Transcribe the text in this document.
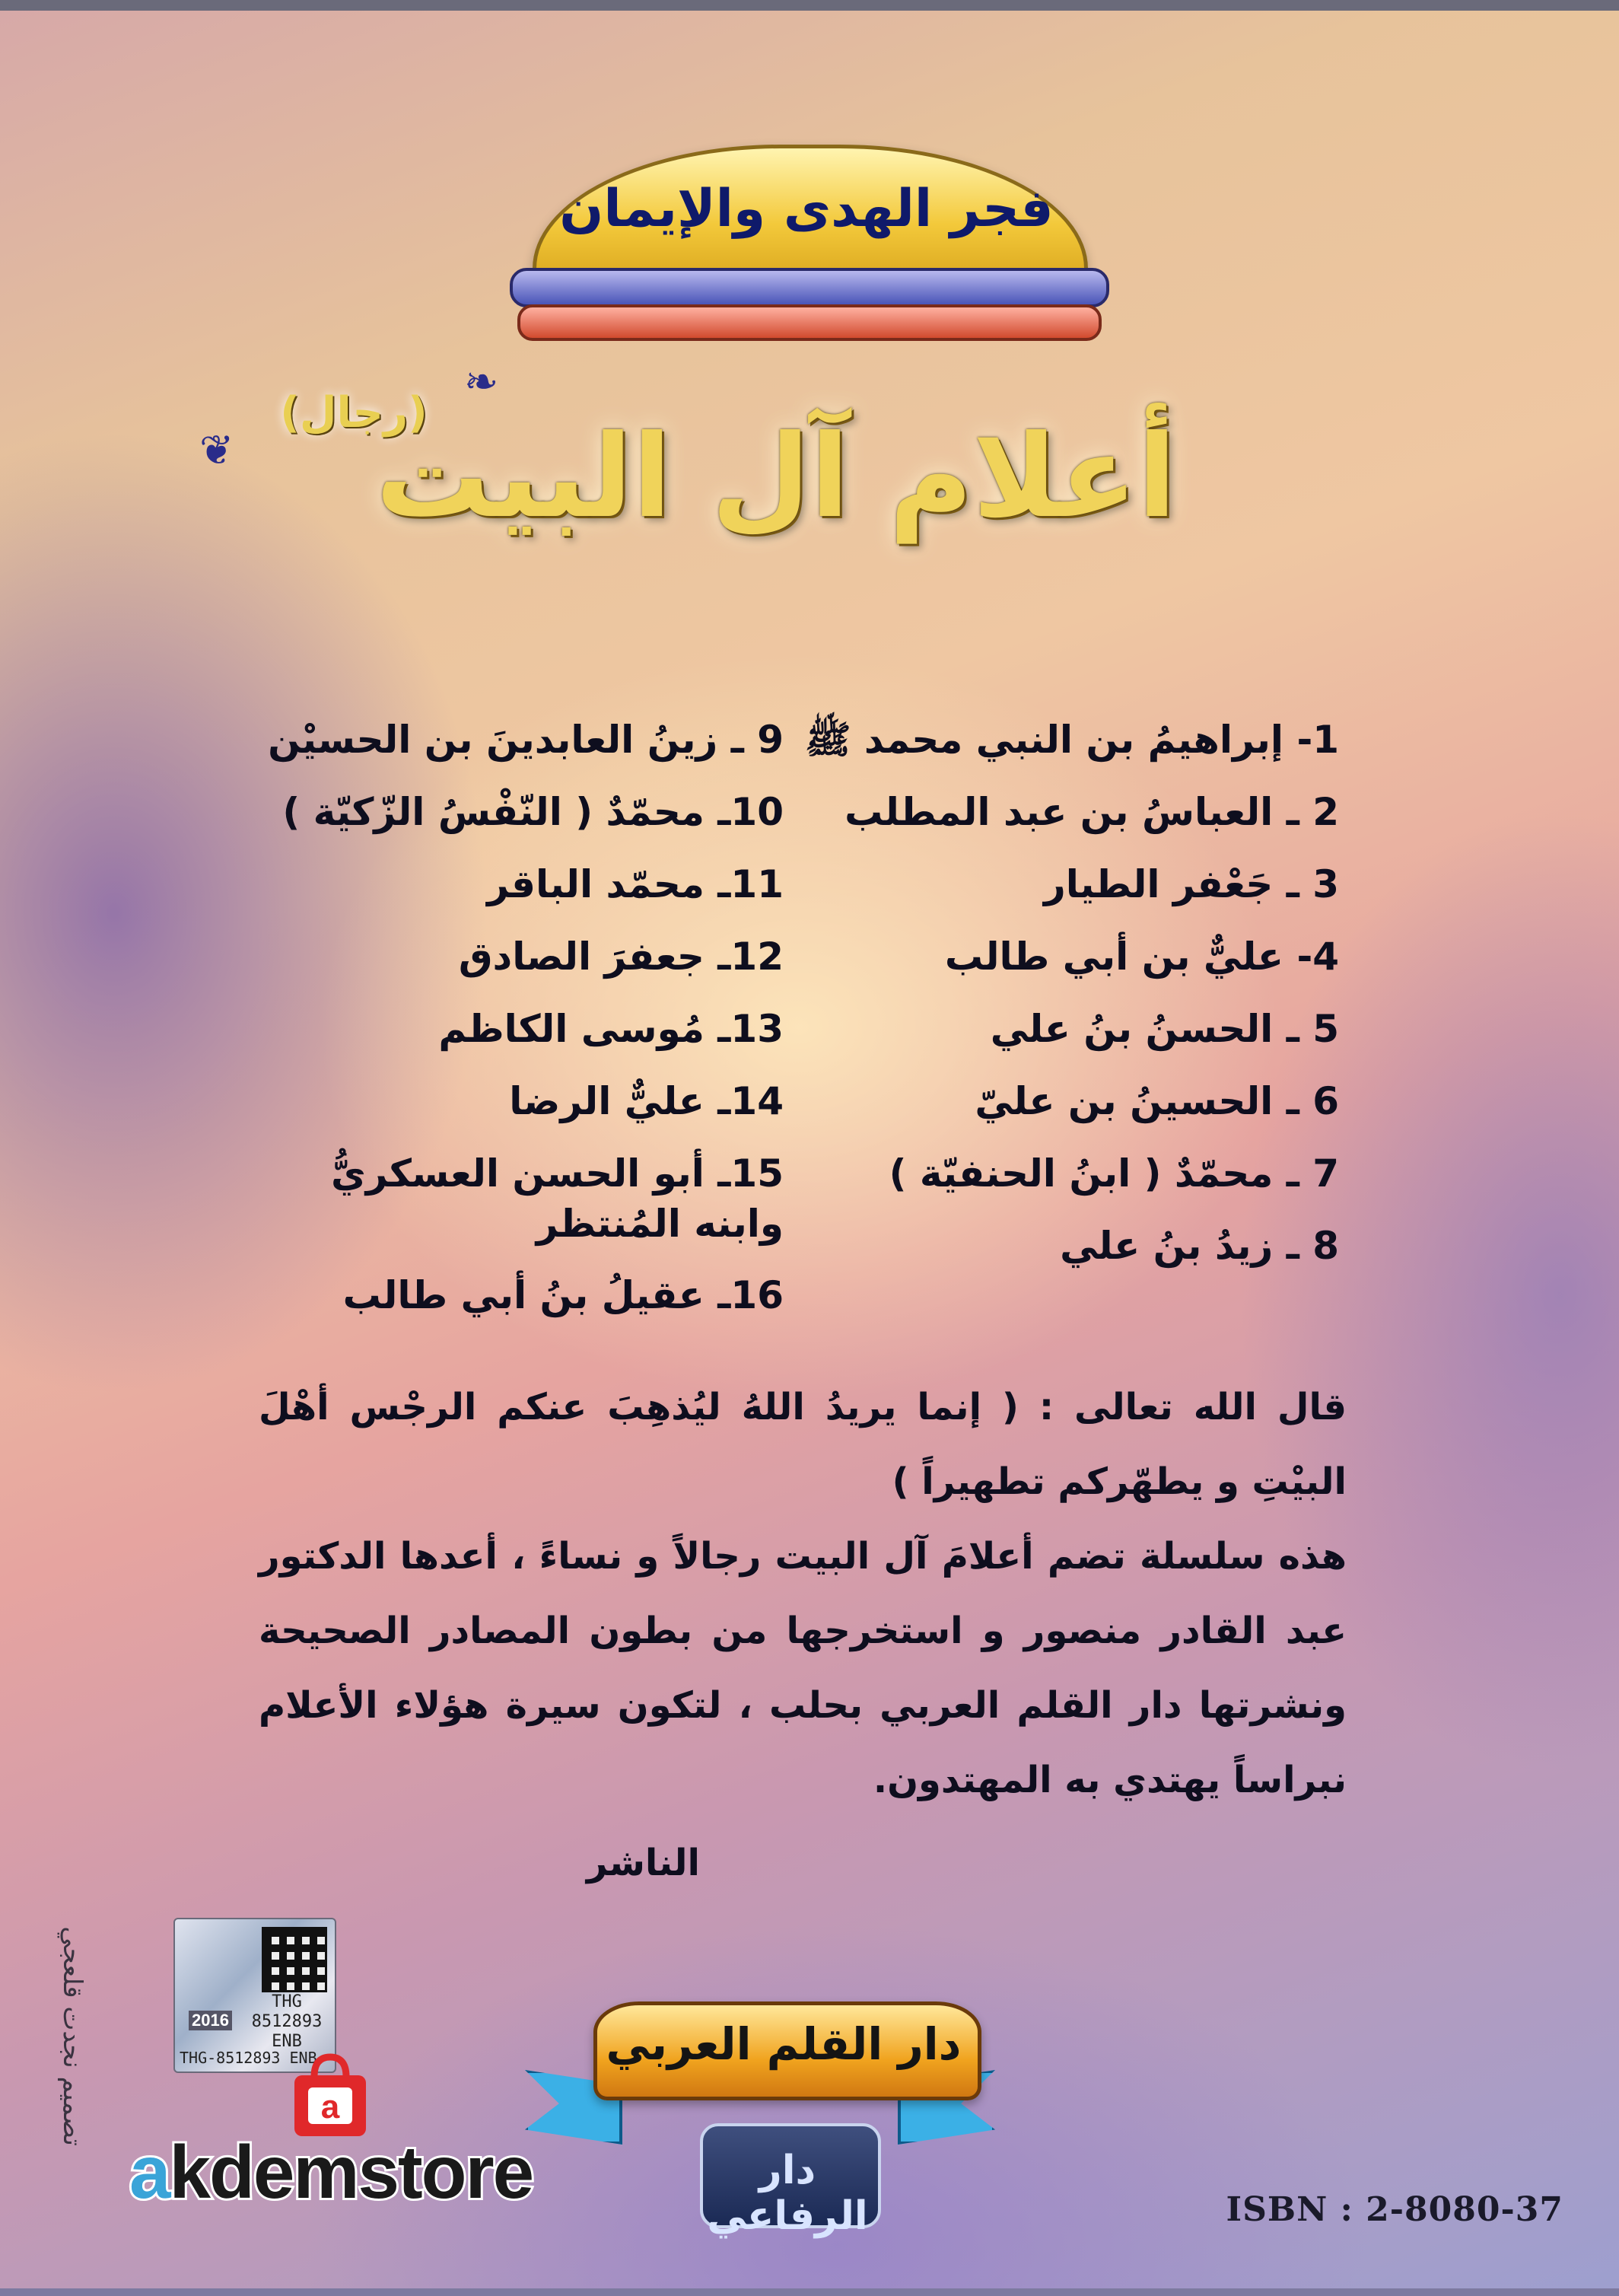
فجر الهدى والإيمان
❦
❧
(رجال)
أعلام آل البيت
1- إبراهيمُ بن النبي محمد ﷺ
2 ـ العباسُ بن عبد المطلب
3 ـ جَعْفر الطيار
4- عليٌّ بن أبي طالب
5 ـ الحسنُ بنُ علي
6 ـ الحسينُ بن عليّ
7 ـ محمّدٌ ( ابنُ الحنفيّة )
8 ـ زيدُ بنُ علي
9 ـ زينُ العابدينَ بن الحسيْن
10ـ محمّدٌ ( النّفْسُ الزّكيّة )
11ـ محمّد الباقر
12ـ جعفرَ الصادق
13ـ مُوسى الكاظم
14ـ عليٌّ الرضا
15ـ أبو الحسن العسكريُّ وابنه المُنتظر
16ـ عقيلُ بنُ أبي طالب

قال الله تعالى : ( إنما يريدُ اللهُ ليُذهِبَ عنكم الرجْس أهْلَ البيْتِ و يطهّركم تطهيراً )

هذه سلسلة تضم أعلامَ آل البيت رجالاً و نساءً ، أعدها الدكتور عبد القادر منصور و استخرجها من بطون المصادر الصحيحة ونشرتها دار القلم العربي بحلب ، لتكون سيرة هؤلاء الأعلام نبراساً يهتدي به المهتدون.

الناشر
تصميم نجدت قلعجي	THG
8512893
ENB
2016
THG-8512893 ENB	دار القلم العربي
دار الرفاعي
a
akdemstore	ISBN : 2-8080-37
